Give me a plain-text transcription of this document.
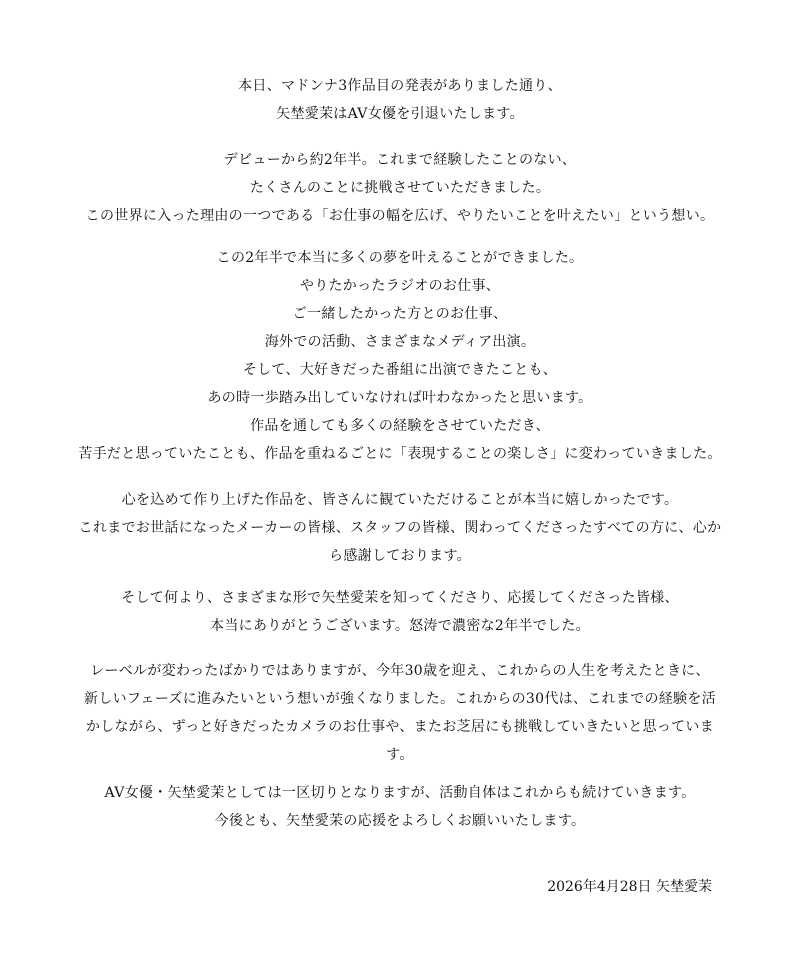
本日、マドンナ3作品目の発表がありました通り、
矢埜愛茉はAV女優を引退いたします。
デビューから約2年半。これまで経験したことのない、
たくさんのことに挑戦させていただきました。
この世界に入った理由の一つである「お仕事の幅を広げ、やりたいことを叶えたい」という想い。
この2年半で本当に多くの夢を叶えることができました。
やりたかったラジオのお仕事、
ご一緒したかった方とのお仕事、
海外での活動、さまざまなメディア出演。
そして、大好きだった番組に出演できたことも、
あの時一歩踏み出していなければ叶わなかったと思います。
作品を通しても多くの経験をさせていただき、
苦手だと思っていたことも、作品を重ねるごとに「表現することの楽しさ」に変わっていきました。
心を込めて作り上げた作品を、皆さんに観ていただけることが本当に嬉しかったです。
これまでお世話になったメーカーの皆様、スタッフの皆様、関わってくださったすべての方に、心か
ら感謝しております。
そして何より、さまざまな形で矢埜愛茉を知ってくださり、応援してくださった皆様、
本当にありがとうございます。怒涛で濃密な2年半でした。
レーベルが変わったばかりではありますが、今年30歳を迎え、これからの人生を考えたときに、
新しいフェーズに進みたいという想いが強くなりました。これからの30代は、これまでの経験を活
かしながら、ずっと好きだったカメラのお仕事や、またお芝居にも挑戦していきたいと思っていま
す。
AV女優・矢埜愛茉としては一区切りとなりますが、活動自体はこれからも続けていきます。
今後とも、矢埜愛茉の応援をよろしくお願いいたします。
2026年4月28日 矢埜愛茉
